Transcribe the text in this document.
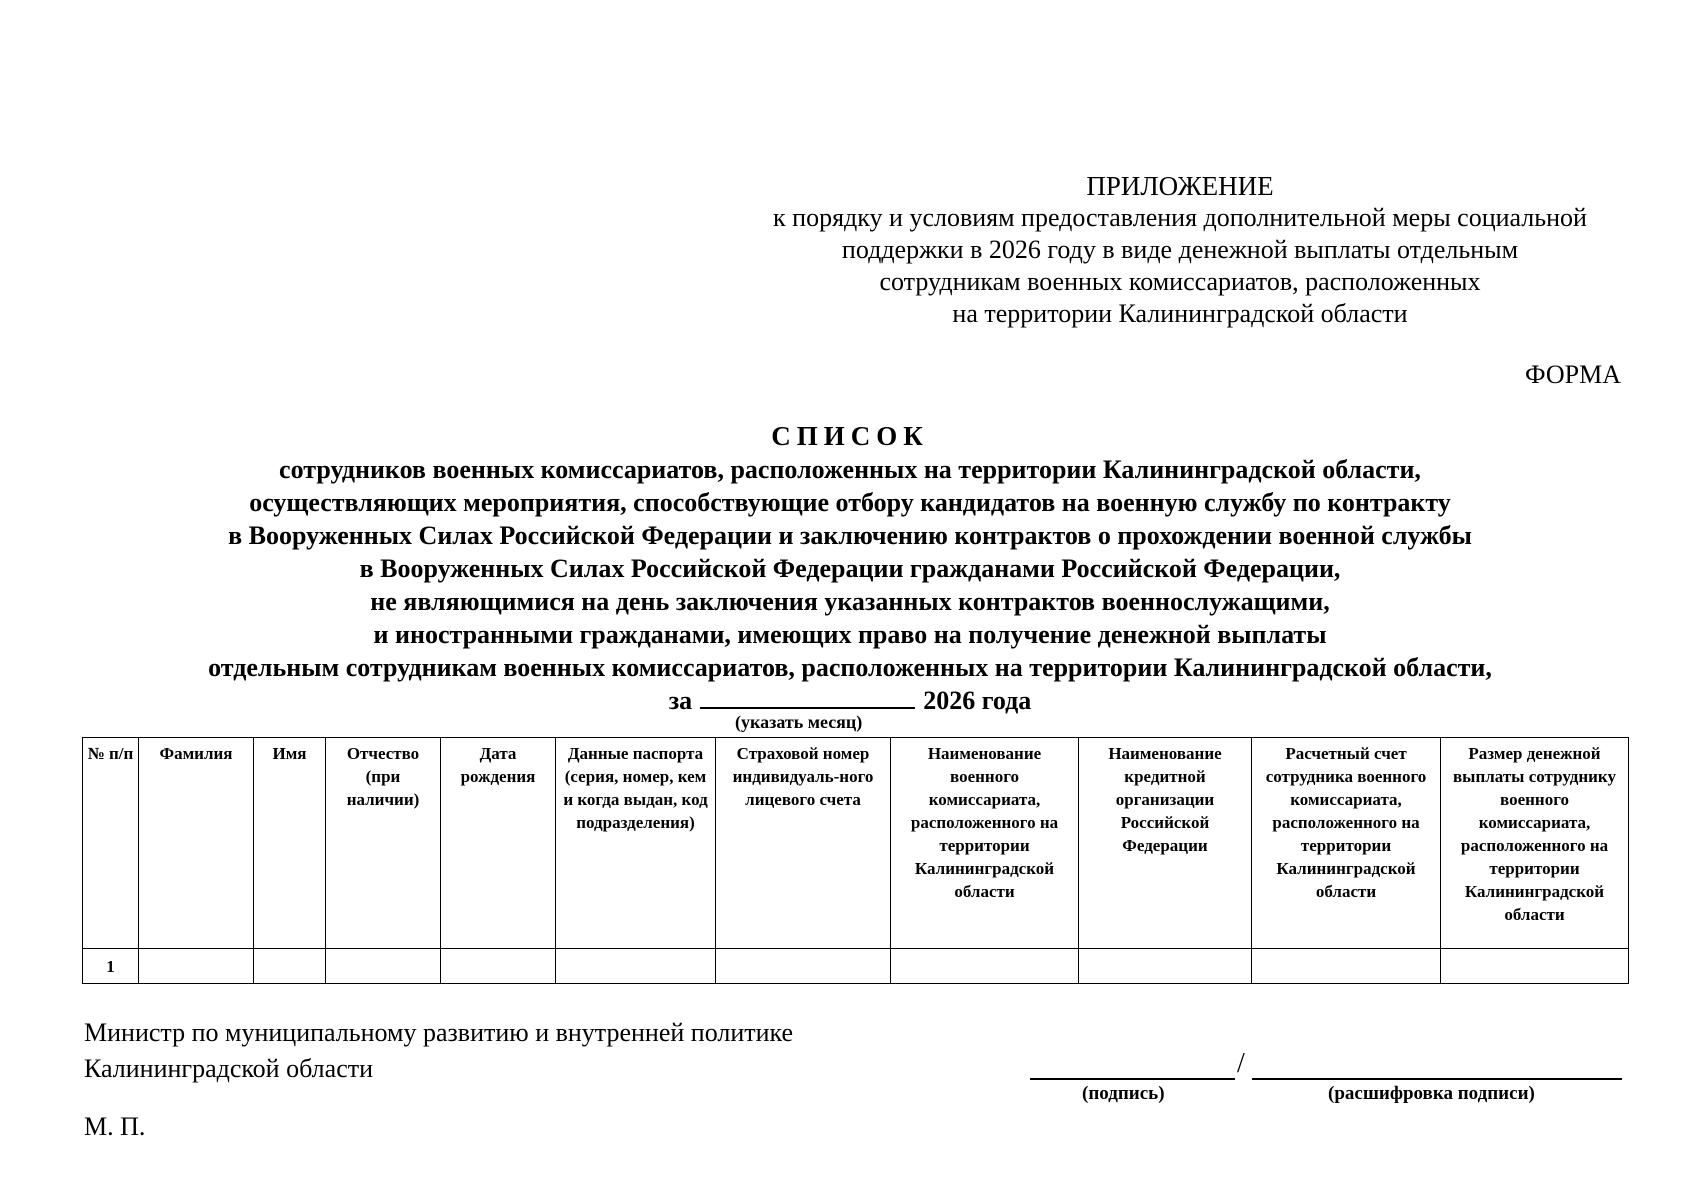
ПРИЛОЖЕНИЕ
к порядку и условиям предоставления дополнительной меры социальной
поддержки в 2026 году в виде денежной выплаты отдельным
сотрудникам военных комиссариатов, расположенных
на территории Калининградской области
ФОРМА
СПИСОК
сотрудников военных комиссариатов, расположенных на территории Калининградской области,
осуществляющих мероприятия, способствующие отбору кандидатов на военную службу по контракту
в Вооруженных Силах Российской Федерации и заключению контрактов о прохождении военной службы
в Вооруженных Силах Российской Федерации гражданами Российской Федерации,
не являющимися на день заключения указанных контрактов военнослужащими,
и иностранными гражданами, имеющих право на получение денежной выплаты
отдельным сотрудникам военных комиссариатов, расположенных на территории Калининградской области,
за	2026 года
(указать месяц)
№ п/п	Фамилия	Имя	Отчество (при наличии)	Дата рождения	Данные паспорта (серия, номер, кем и когда выдан, код подразделения)	Страховой номер индивидуаль-ного лицевого счета	Наименование военного комиссариата, расположенного на территории Калининградской области	Наименование кредитной организации Российской Федерации	Расчетный счет сотрудника военного комиссариата, расположенного на территории Калининградской области	Размер денежной выплаты сотруднику военного комиссариата, расположенного на территории Калининградской области
1										
Министр по муниципальному развитию и внутренней политике
Калининградской области	/
(подпись)	(расшифровка подписи)
М. П.
